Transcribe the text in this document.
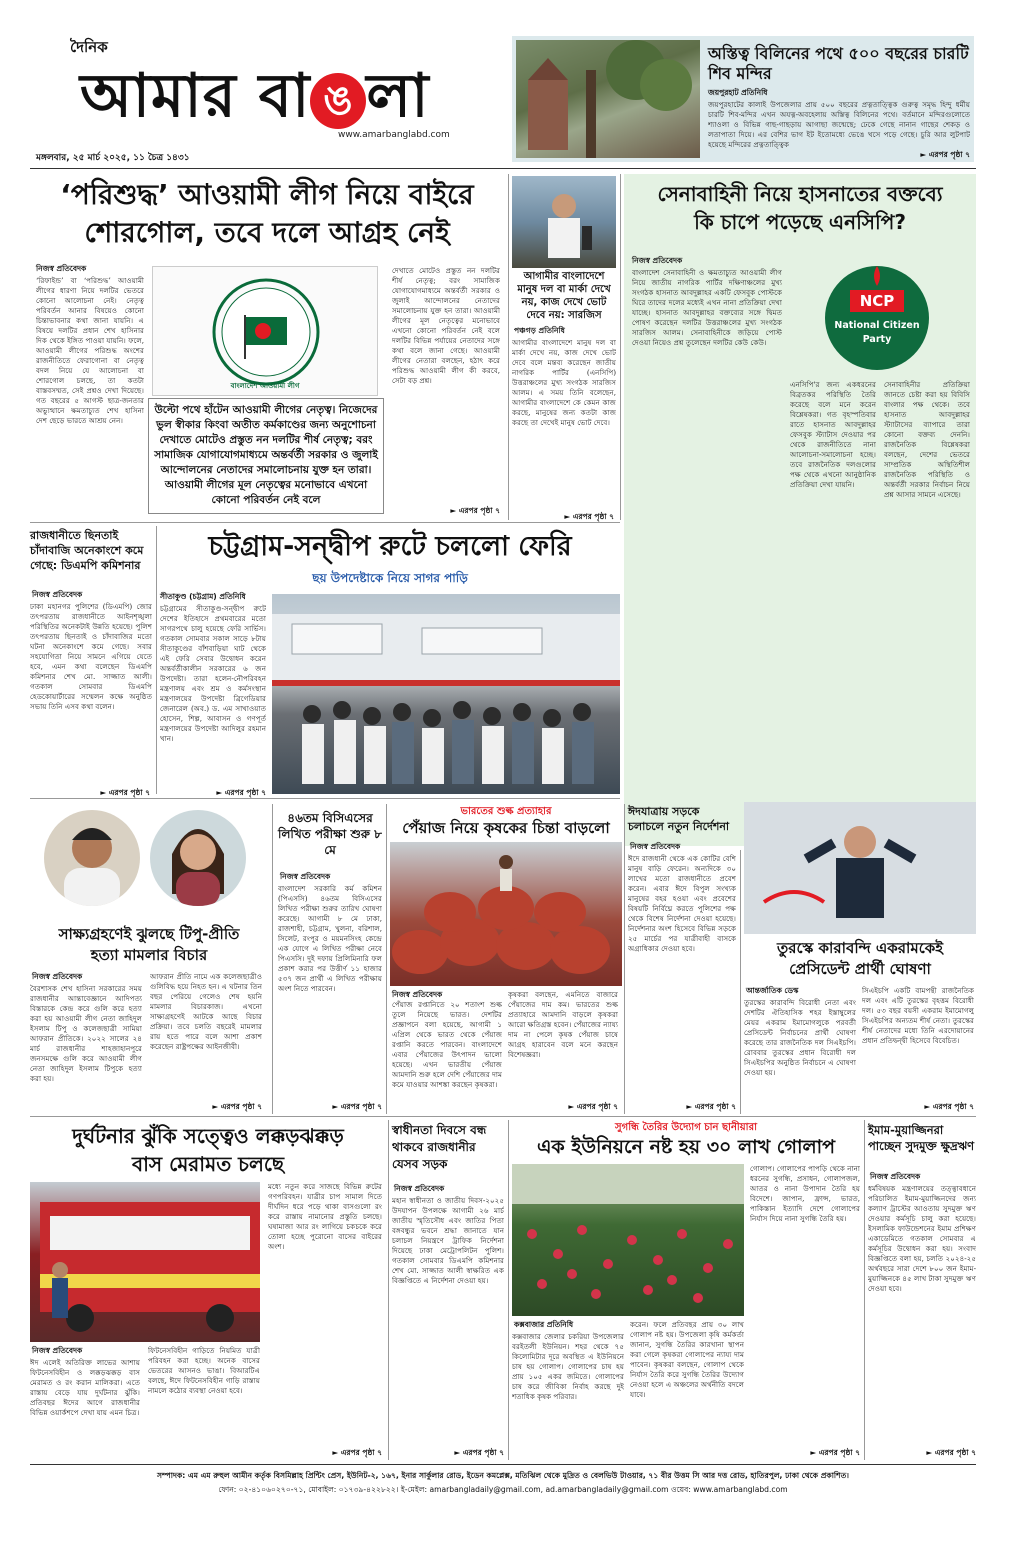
দৈনিক
আমার বা ঙ লা
www.amarbanglabd.com
মঙ্গলবার, ২৫ মার্চ ২০২৫, ১১ চৈত্র ১৪৩১
অস্তিত্ব বিলিনের পথে ৫০০ বছরের চারটি শিব মন্দির
জয়পুরহাট প্রতিনিধি
জয়পুরহাটের কালাই উপজেলার প্রায় ৫০০ বছরের প্রত্নতাত্ত্বিক গুরুত্ব সমৃদ্ধ হিন্দু ধর্মীয় চারটি শিব-মন্দির এখন অযত্ন-অবহেলায় অস্তিত্ব বিলিনের পথে। বর্তমানে মন্দিরগুলোতে শ্যাওলা ও বিভিন্ন গাছ-গাছড়ায় আগাছা জন্মেছে; ঢেকে গেছে নানান গাছের শেকড় ও লতাপাতা দিয়ে। এর বেশির ভাগ ইট ইতোমধ্যে ভেঙে খসে পড়ে গেছে। চুরি আর লুটপাট হয়েছে মন্দিরের প্রত্নতাত্ত্বিক
► এরপর পৃষ্ঠা ৭
‘পরিশুদ্ধ’ আওয়ামী লীগ নিয়ে বাইরে
শোরগোল, তবে দলে আগ্রহ নেই
নিজস্ব প্রতিবেদক
‘রিফাইন্ড’ বা ‘পরিশুদ্ধ’ আওয়ামী লীগের ধারণা নিয়ে দলটির ভেতরে কোনো আলোচনা নেই। নেতৃত্ব পরিবর্তন আনার বিষয়েও কোনো চিন্তাভাবনার কথা জানা যায়নি। এ বিষয়ে দলটির প্রধান শেখ হাসিনার দিক থেকে ইঙ্গিত পাওয়া যায়নি। ফলে, আওয়ামী লীগের পরিশুদ্ধ অংশের রাজনীতিতে ফেরাগোনা বা নেতৃত্ব বদল নিয়ে যে আলোচনা বা শোরগোল চলছে, তা কতটা বাস্তবসম্মত, সেই প্রশ্নও দেখা দিয়েছে। গত বছরের ৫ আগস্ট ছাত্র-জনতার অভ্যুত্থানে ক্ষমতাচ্যুত শেখ হাসিনা দেশ ছেড়ে ভারতে আশ্রয় নেন।
বাংলাদেশ আওয়ামী লীগ
উল্টো পথে হাঁটেন আওয়ামী লীগের নেতৃত্ব। নিজেদের ভুল স্বীকার কিংবা অতীত কর্মকাণ্ডের জন্য অনুশোচনা দেখাতে মোটেও প্রস্তুত নন দলটির শীর্ষ নেতৃত্ব; বরং সামাজিক যোগাযোগমাধ্যমে অন্তর্বর্তী সরকার ও জুলাই আন্দোলনের নেতাদের সমালোচনায় যুক্ত হন তারা। আওয়ামী লীগের মূল নেতৃত্বের মনোভাবে এখনো কোনো পরিবর্তন নেই বলে
দেখাতে মোটেও প্রস্তুত নন দলটির শীর্ষ নেতৃত্ব; বরং সামাজিক যোগাযোগমাধ্যমে অন্তর্বর্তী সরকার ও জুলাই আন্দোলনের নেতাদের সমালোচনায় যুক্ত হন তারা। আওয়ামী লীগের মূল নেতৃত্বের মনোভাবে এখনো কোনো পরিবর্তন নেই বলে দলটির বিভিন্ন পর্যায়ের নেতাদের সঙ্গে কথা বলে জানা গেছে। আওয়ামী লীগের নেতারা বলছেন, হঠাৎ করে পরিশুদ্ধ আওয়ামী লীগ কী করবে, সেটা বড় প্রশ্ন।
► এরপর পৃষ্ঠা ৭
আগামীর বাংলাদেশে মানুষ দল বা মার্কা দেখে নয়, কাজ দেখে ভোট দেবে নয়: সারজিস
পঞ্চগড় প্রতিনিধি
আগামীর বাংলাদেশে মানুষ দল বা মার্কা দেখে নয়, কাজ দেখে ভোট দেবে বলে মন্তব্য করেছেন জাতীয় নাগরিক পার্টির (এনসিপি) উত্তরাঞ্চলের মুখ্য সংগঠক সারজিস আলম। এ সময় তিনি বলেছেন, আগামীর বাংলাদেশে কে কেমন কাজ করছে, মানুষের জন্য কতটা কাজ করছে তা দেখেই মানুষ ভোট দেবে।
► এরপর পৃষ্ঠা ৭
সেনাবাহিনী নিয়ে হাসনাতের বক্তব্যে
কি চাপে পড়েছে এনসিপি?
নিজস্ব প্রতিবেদক
বাংলাদেশ সেনাবাহিনী ও ক্ষমতাচ্যুত আওয়ামী লীগ নিয়ে জাতীয় নাগরিক পার্টির দক্ষিণাঞ্চলের মুখ্য সংগঠক হাসনাত আবদুল্লাহর একটি ফেসবুক পোস্টকে ঘিরে তাদের দলের মধ্যেই এখন নানা প্রতিক্রিয়া দেখা যাচ্ছে। হাসনাত আবদুল্লাহর বক্তব্যের সঙ্গে দ্বিমত পোষণ করেছেন দলটির উত্তরাঞ্চলের মুখ্য সংগঠক সারজিস আলম। সেনাবাহিনীকে জড়িয়ে পোস্ট দেওয়া নিয়েও প্রশ্ন তুলেছেন দলটির কেউ কেউ।
NCP
National Citizen
Party
এনসিপি'র জন্য একধরনের বিব্রতকর পরিস্থিতি তৈরি করেছে বলে মনে করেন বিশ্লেষকরা। গত বৃহস্পতিবার রাতে হাসনাত আবদুল্লাহর ফেসবুক স্ট্যাটাস দেওয়ার পর থেকে রাজনীতিতে নানা আলোচনা-সমালোচনা হচ্ছে। তবে রাজনৈতিক দলগুলোর পক্ষ থেকে এখনো আনুষ্ঠানিক প্রতিক্রিয়া দেখা যায়নি।
সেনাবাহিনীর প্রতিক্রিয়া জানতে চেষ্টা করা হয় বিবিসি বাংলার পক্ষ থেকে। তবে হাসনাত আবদুল্লাহর স্ট্যাটাসের ব্যাপারে তারা কোনো বক্তব্য দেননি। রাজনৈতিক বিশ্লেষকরা বলছেন, দেশের ভেতরে সাম্প্রতিক অস্থিতিশীল রাজনৈতিক পরিস্থিতি ও অন্তর্বর্তী সরকার নির্বাচন নিয়ে প্রশ্ন আসার সামনে এসেছে।
রাজধানীতে ছিনতাই চাঁদাবাজি অনেকাংশে কমে গেছে: ডিএমপি কমিশনার
নিজস্ব প্রতিবেদক
ঢাকা মহানগর পুলিশের (ডিএমপি) জোর তৎপরতায় রাজধানীতে আইনশৃঙ্খলা পরিস্থিতির অনেকটাই উন্নতি হয়েছে। পুলিশ তৎপরতায় ছিনতাই ও চাঁদাবাজির মতো ঘটনা অনেকাংশে কমে গেছে। সবার সহযোগিতা নিয়ে সামনে এগিয়ে যেতে হবে, এমন কথা বলেছেন ডিএমপি কমিশনার শেখ মো. সাজ্জাত আলী। গতকাল সোমবার ডিএমপি হেডকোয়ার্টারের সম্মেলন কক্ষে অনুষ্ঠিত সভায় তিনি এসব কথা বলেন।
► এরপর পৃষ্ঠা ৭
চট্টগ্রাম-সন্দ্বীপ রুটে চললো ফেরি
ছয় উপদেষ্টাকে নিয়ে সাগর পাড়ি
সীতাকুণ্ড (চট্টগ্রাম) প্রতিনিধি
চট্টগ্রামের সীতাকুণ্ড-সন্দ্বীপ রুটে দেশের ইতিহাসে প্রথমবারের মতো সাগরপথে চালু হয়েছে ফেরি সার্ভিস। গতকাল সোমবার সকাল সাড়ে ৮টায় সীতাকুণ্ডের বাঁশবাড়িয়া ঘাট থেকে এই ফেরি সেবার উদ্বোধন করেন অন্তর্বর্তীকালীন সরকারের ৬ জন উপদেষ্টা। তারা হলেন-নৌপরিবহন মন্ত্রণালয় এবং শ্রম ও কর্মসংস্থান মন্ত্রণালয়ের উপদেষ্টা ব্রিগেডিয়ার জেনারেল (অব.) ড. এম সাখাওয়াত হোসেন, শিল্প, আবাসন ও গণপূর্ত মন্ত্রণালয়ের উপদেষ্টা আদিলুর রহমান খান।
► এরপর পৃষ্ঠা ৭
সাক্ষ্যগ্রহণেই ঝুলছে টিপু-প্রীতি
হত্যা মামলার বিচার
নিজস্ব প্রতিবেদক
বৈরশাসক শেখ হাসিনা সরকারের সময় রাজধানীর আন্তাবেজ্ঞানে আদিপত্য বিস্তারকে কেন্দ্র করে গুলি করে হত্যা করা হয় আওয়ামী লীগ নেতা জাহিদুল ইসলাম টিপু ও কলেজছাত্রী সামিয়া আফরান প্রীতিকে। ২০২২ সালের ২৪ মার্চ রাজধানীর শাহজাহানপুরে জনসমক্ষে গুলি করে আওয়ামী লীগ নেতা জাহিদুল ইসলাম টিপুকে হত্যা করা হয়।
আফরান প্রীতি নামে এক কলেজছাত্রীও গুলিবিদ্ধ হয়ে নিহত হন। এ ঘটনার তিন বছর পেরিয়ে গেলেও শেষ হয়নি মামলার বিচারকাজ। এখনো সাক্ষ্যগ্রহণেই আটকে আছে বিচার প্রক্রিয়া। তবে চলতি বছরেই মামলার রায় হতে পারে বলে আশা প্রকাশ করেছেন রাষ্ট্রপক্ষের আইনজীবী।
► এরপর পৃষ্ঠা ৭
৪৬তম বিসিএসের লিখিত পরীক্ষা শুরু ৮ মে
নিজস্ব প্রতিবেদক
বাংলাদেশ সরকারি কর্ম কমিশন (পিএসসি) ৪৬তম বিসিএসের লিখিত পরীক্ষা শুরুর তারিখ ঘোষণা করেছে। আগামী ৮ মে ঢাকা, রাজশাহী, চট্টগ্রাম, খুলনা, বরিশাল, সিলেট, রংপুর ও ময়মনসিংহ কেন্দ্রে এক যোগে এ লিখিত পরীক্ষা নেবে পিএসসি। দুই দফায় প্রিলিমিনারি ফল প্রকাশ করার পর উত্তীর্ণ ১১ হাজার ৫৩৭ জন প্রার্থী এ লিখিত পরীক্ষায় অংশ নিতে পারবেন।
► এরপর পৃষ্ঠা ৭
ভারতের শুল্ক প্রত্যাহার
পেঁয়াজ নিয়ে কৃষকের চিন্তা বাড়লো
নিজস্ব প্রতিবেদক
পেঁয়াজ রপ্তানিতে ২০ শতাংশ শুল্ক তুলে নিয়েছে ভারত। দেশটির প্রজ্ঞাপনে বলা হয়েছে, আগামী ১ এপ্রিল থেকে ভারত থেকে পেঁয়াজ রপ্তানি করতে পারবেন। বাংলাদেশে এবার পেঁয়াজের উৎপাদন ভালো হয়েছে। এখন ভারতীয় পেঁয়াজ আমদানি শুরু হলে দেশি পেঁয়াজের দাম কমে যাওয়ার আশঙ্কা করছেন কৃষকরা।
কৃষকরা বলছেন, এমনিতে বাজারে পেঁয়াজের দাম কম। ভারতের শুল্ক প্রত্যাহারে আমদানি বাড়লে কৃষকরা আরো ক্ষতিগ্রস্ত হবেন। পেঁয়াজের ন্যায্য দাম না পেলে কৃষক পেঁয়াজ চাষে আগ্রহ হারাবেন বলে মনে করছেন বিশেষজ্ঞরা।
► এরপর পৃষ্ঠা ৭
ঈদযাত্রায় সড়কে চলাচলে নতুন নির্দেশনা
নিজস্ব প্রতিবেদক
ঈদে রাজধানী থেকে এক কোটির বেশি মানুষ বাড়ি ফেরেন। অন্যদিকে ৩০ লাখের মতো রাজধানীতে প্রবেশ করেন। এবার ঈদে বিপুল সংখ্যক মানুষের বহর হওয়া এবং প্রবেশের বিষয়টি নির্বিঘ্নে করতে পুলিশের পক্ষ থেকে বিশেষ নির্দেশনা দেওয়া হয়েছে। নির্দেশনার অংশ হিসেবে বিভিন্ন সড়কে ২৫ মার্চের পর যাত্রীবাহী বাসকে অগ্রাধিকার দেওয়া হবে।
► এরপর পৃষ্ঠা ৭
তুরস্কে কারাবন্দি একরামকেই
প্রেসিডেন্ট প্রার্থী ঘোষণা
আন্তর্জাতিক ডেস্ক
তুরস্কের কারাবন্দি বিরোধী নেতা এবং দেশটির ঐতিহাসিক শহর ইস্তাম্বুলের মেয়র একরাম ইমামোগলুকে পরবর্তী প্রেসিডেন্ট নির্বাচনের প্রার্থী ঘোষণা করেছে তার রাজনৈতিক দল সিএইচপি। রোববার তুরস্কের প্রধান বিরোধী দল সিএইচপির অনুষ্ঠিত নির্বাচনে এ ঘোষণা দেওয়া হয়।
সিএইচপি একটি বামপন্থী রাজনৈতিক দল এবং এটি তুরস্কের বৃহত্তম বিরোধী দল। ৫৩ বছর বয়সী একরাম ইমামোগলু সিএইচপির অন্যতম শীর্ষ নেতা। তুরস্কের শীর্ষ নেতাদের মধ্যে তিনি এরদোয়ানের প্রধান প্রতিদ্বন্দ্বী হিসেবে বিবেচিত।
► এরপর পৃষ্ঠা ৭
দুর্ঘটনার ঝুঁকি সত্ত্বেও লক্কড়ঝক্কড়
বাস মেরামত চলছে
নিজস্ব প্রতিবেদক
ঈদ এলেই অতিরিক্ত লাভের আশায় ফিটনেসবিহীন ও লক্কড়ঝক্কড় বাস মেরামত ও রং করান মালিকরা। এতে রাস্তায় বেড়ে যায় দুর্ঘটনার ঝুঁকি। প্রতিবছর ঈদের আগে রাজধানীর বিভিন্ন ওয়ার্কশপে দেখা যায় এমন চিত্র।
মধ্যে নতুন করে সাজছে বিভিন্ন রুটের গণপরিবহন। যাত্রীর চাপ সামাল দিতে দীর্ঘদিন ধরে পড়ে থাকা বাসগুলো রং করে রাস্তায় নামানোর প্রস্তুতি চলছে। ঘষামাজা আর রং লাগিয়ে চকচকে করে তোলা হচ্ছে পুরোনো বাসের বাইরের অংশ।
ফিটনেসবিহীন গাড়িতে নিয়মিত যাত্রী পরিবহন করা হচ্ছে। অনেক বাসের ভেতরের আসনও ভাঙা। বিআরটিএ বলছে, ঈদে ফিটনেসবিহীন গাড়ি রাস্তায় নামলে কঠোর ব্যবস্থা নেওয়া হবে।
► এরপর পৃষ্ঠা ৭
স্বাধীনতা দিবসে বন্ধ থাকবে রাজধানীর যেসব সড়ক
নিজস্ব প্রতিবেদক
মহান স্বাধীনতা ও জাতীয় দিবস-২০২৫ উদযাপন উপলক্ষে আগামী ২৬ মার্চ জাতীয় স্মৃতিসৌধ এবং জাতির পিতা বঙ্গবন্ধুর ভবনে শ্রদ্ধা জানাতে যান চলাচল নিয়ন্ত্রণে ট্রাফিক নির্দেশনা দিয়েছে ঢাকা মেট্রোপলিটন পুলিশ। গতকাল সোমবার ডিএমপি কমিশনার শেখ মো. সাজ্জাত আলী স্বাক্ষরিত এক বিজ্ঞপ্তিতে এ নির্দেশনা দেওয়া হয়।
► এরপর পৃষ্ঠা ৭
সুগন্ধি তৈরির উদ্যোগ চান ছানীয়ারা
এক ইউনিয়নে নষ্ট হয় ৩০ লাখ গোলাপ
কক্সবাজার প্রতিনিধি
কক্সবাজার জেলার চকরিয়া উপজেলার বরইতলী ইউনিয়ন। শহর থেকে ৭৫ কিলোমিটার দূরে অবস্থিত এ ইউনিয়নে চাষ হয় গোলাপ। গোলাপের চাষ হয় প্রায় ১০৫ একর জমিতে। গোলাপের চাষ করে জীবিকা নির্বাহ করছে দুই শতাধিক কৃষক পরিবার।
করেন। ফলে প্রতিবছর প্রায় ৩০ লাখ গোলাপ নষ্ট হয়। উপজেলা কৃষি কর্মকর্তা জানান, সুগন্ধি তৈরির কারখানা স্থাপন করা গেলে কৃষকরা গোলাপের ন্যায্য দাম পাবেন। কৃষকরা বলছেন, গোলাপ থেকে নির্যাস তৈরি করে সুগন্ধি তৈরির উদ্যোগ নেওয়া হলে এ অঞ্চলের অর্থনীতি বদলে যাবে।
গোলাপ। গোলাপের পাপড়ি থেকে নানা ধরনের সুগন্ধি, প্রসাধন, গোলাপজল, আতর ও নানা উপাদান তৈরি হয় বিদেশে। জাপান, ফ্রান্স, ভারত, পাকিস্তান ইত্যাদি দেশে গোলাপের নির্যাস দিয়ে নানা সুগন্ধি তৈরি হয়।
► এরপর পৃষ্ঠা ৭
ইমাম-মুয়াজ্জিনরা পাচ্ছেন সুদমুক্ত ক্ষুদ্রঋণ
নিজস্ব প্রতিবেদক
ধর্মবিষয়ক মন্ত্রণালয়ের তত্ত্বাবধানে পরিচালিত ইমাম-মুয়াজ্জিনদের জন্য কল্যাণ ট্রাস্টের আওতায় সুদমুক্ত ঋণ দেওয়ার কর্মসূচি চালু করা হয়েছে। ইসলামিক ফাউন্ডেশনের ইমাম প্রশিক্ষণ একাডেমিতে গতকাল সোমবার এ কর্মসূচির উদ্বোধন করা হয়। সংবাদ বিজ্ঞপ্তিতে বলা হয়, চলতি ২০২৪-২৫ অর্থবছরে সারা দেশে ৮০০ জন ইমাম-মুয়াজ্জিনকে ৪৫ লাখ টাকা সুদমুক্ত ঋণ দেওয়া হবে।
► এরপর পৃষ্ঠা ৭
সম্পাদক: এম এম রুহুল আমীন কর্তৃক বিসমিল্লাহ প্রিন্টিং প্রেস, ইউনিট-২, ১৬৭, ইনার সার্কুলার রোড, ইডেন কমপ্লেক্স, মতিঝিল থেকে মুদ্রিত ও বেলভিউ টাওয়ার, ৭১ বীর উত্তম সি আর দত্ত রোড, হাতিরপুল, ঢাকা থেকে প্রকাশিত।
ফোন: ০২-৪১০৬০২৭০-৭১, মোবাইল: ০১৭৩৯-৪২২৮২২। ই-মেইল: amarbangladaily@gmail.com, ad.amarbangladaily@gmail.com ওয়েব: www.amarbanglabd.com
